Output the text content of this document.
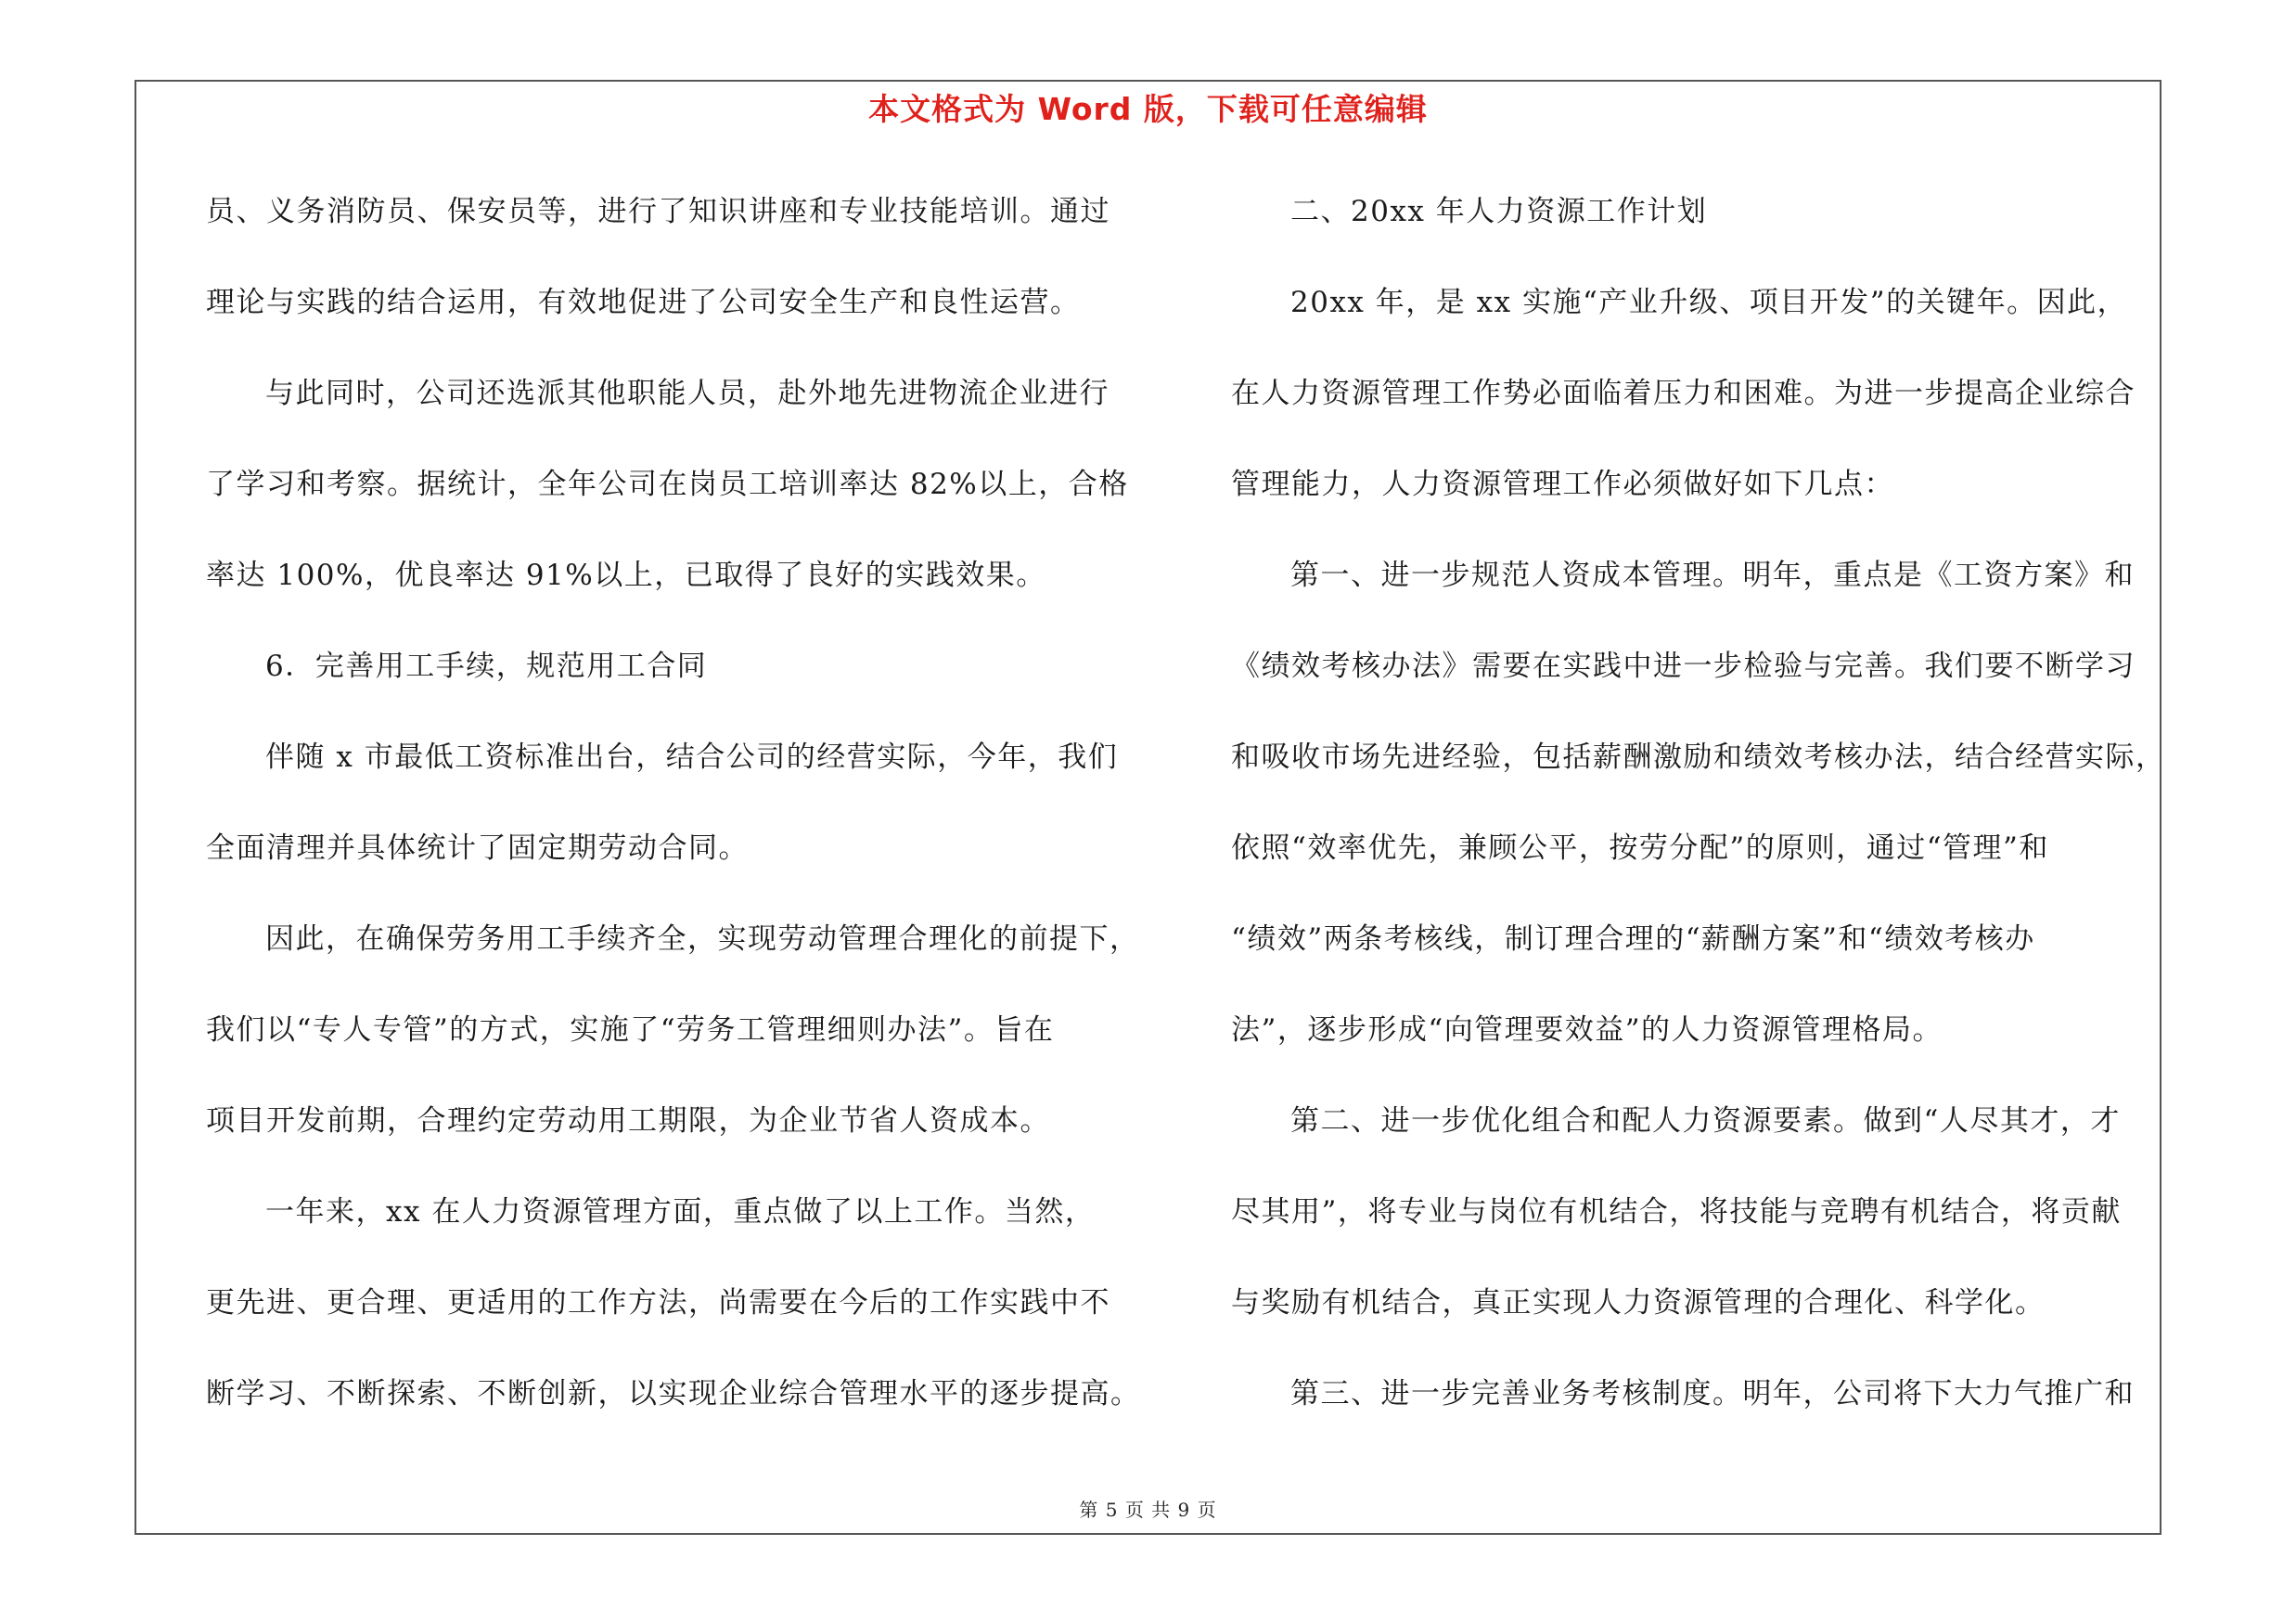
本文格式为 Word 版，下载可任意编辑
员、义务消防员、保安员等，进行了知识讲座和专业技能培训。通过
理论与实践的结合运用，有效地促进了公司安全生产和良性运营。
与此同时，公司还选派其他职能人员，赴外地先进物流企业进行
了学习和考察。据统计，全年公司在岗员工培训率达 82%以上，合格
率达 100%，优良率达 91%以上，已取得了良好的实践效果。
6．完善用工手续，规范用工合同
伴随 x 市最低工资标准出台，结合公司的经营实际，今年，我们
全面清理并具体统计了固定期劳动合同。
因此，在确保劳务用工手续齐全，实现劳动管理合理化的前提下，
我们以“专人专管”的方式，实施了“劳务工管理细则办法”。旨在
项目开发前期，合理约定劳动用工期限，为企业节省人资成本。
一年来，xx 在人力资源管理方面，重点做了以上工作。当然，
更先进、更合理、更适用的工作方法，尚需要在今后的工作实践中不
断学习、不断探索、不断创新，以实现企业综合管理水平的逐步提高。
二、20xx 年人力资源工作计划
20xx 年，是 xx 实施“产业升级、项目开发”的关键年。因此，
在人力资源管理工作势必面临着压力和困难。为进一步提高企业综合
管理能力，人力资源管理工作必须做好如下几点：
第一、进一步规范人资成本管理。明年，重点是《工资方案》和
《绩效考核办法》需要在实践中进一步检验与完善。我们要不断学习
和吸收市场先进经验，包括薪酬激励和绩效考核办法，结合经营实际，
依照“效率优先，兼顾公平，按劳分配”的原则，通过“管理”和
“绩效”两条考核线，制订理合理的“薪酬方案”和“绩效考核办
法”，逐步形成“向管理要效益”的人力资源管理格局。
第二、进一步优化组合和配人力资源要素。做到“人尽其才，才
尽其用”，将专业与岗位有机结合，将技能与竞聘有机结合，将贡献
与奖励有机结合，真正实现人力资源管理的合理化、科学化。
第三、进一步完善业务考核制度。明年，公司将下大力气推广和
第 5 页 共 9 页
